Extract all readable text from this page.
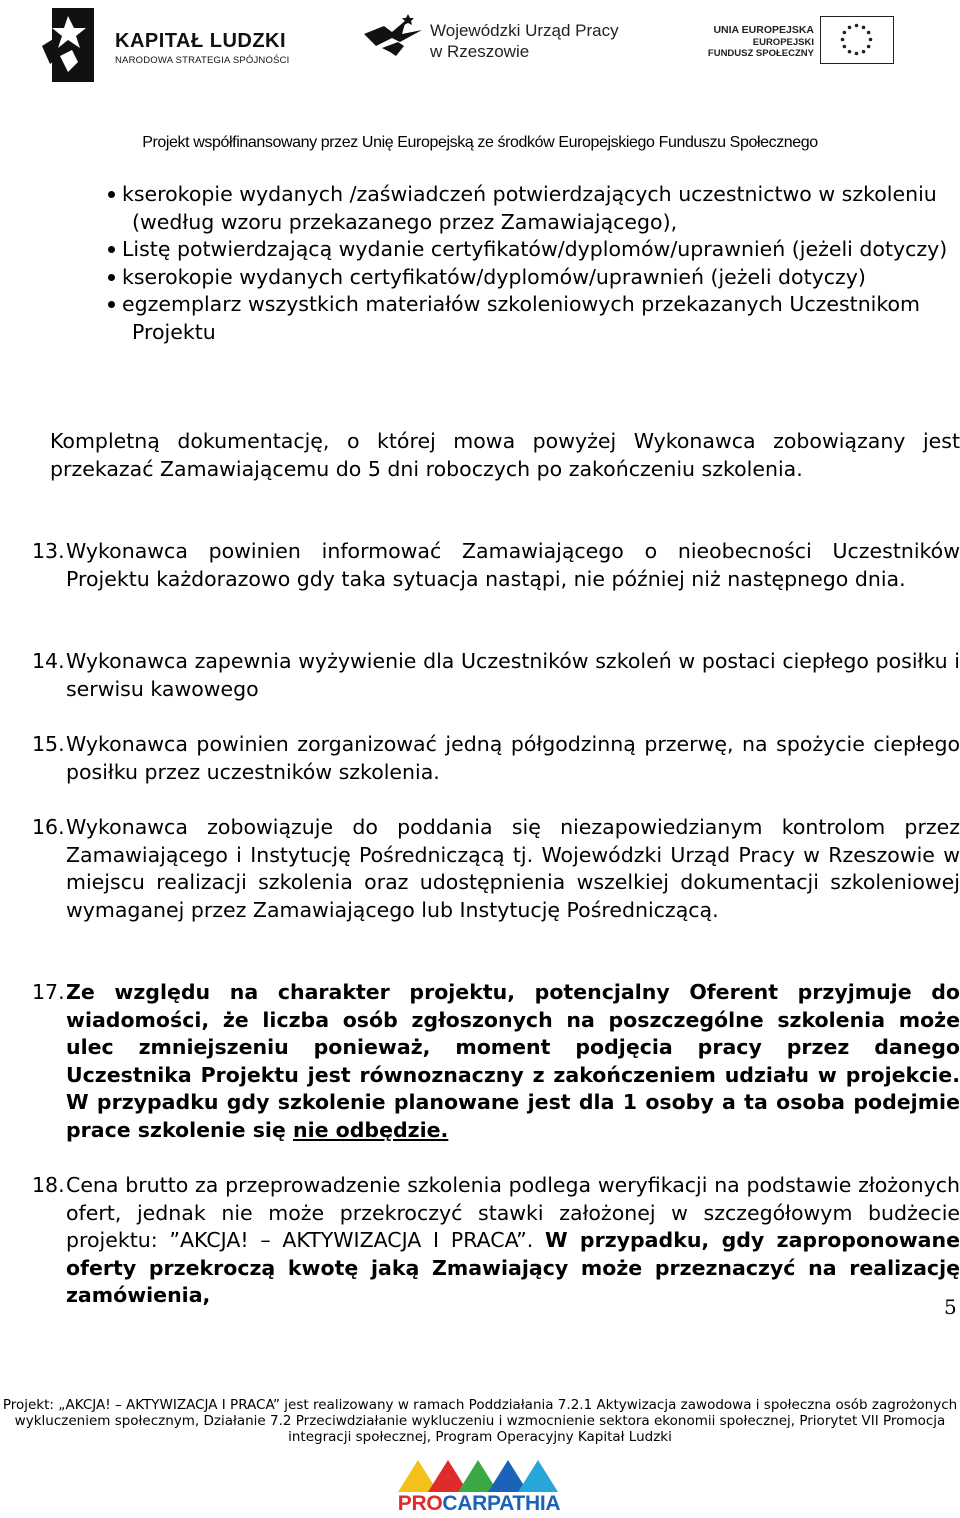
KAPITAŁ LUDZKI
NARODOWA STRATEGIA SPÓJNOŚCI
Wojewódzki Urząd Pracy
w Rzeszowie
UNIA EUROPEJSKA
EUROPEJSKI
FUNDUSZ SPOŁECZNY
Projekt współfinansowany przez Unię Europejską ze środków Europejskiego Funduszu Społecznego
kserokopie wydanych /zaświadczeń potwierdzających uczestnictwo w szkoleniu (według wzoru przekazanego przez Zamawiającego),
Listę potwierdzającą wydanie certyfikatów/dyplomów/uprawnień (jeżeli dotyczy)
kserokopie wydanych certyfikatów/dyplomów/uprawnień (jeżeli dotyczy)
egzemplarz wszystkich materiałów szkoleniowych przekazanych Uczestnikom Projektu
Kompletną dokumentację, o której mowa powyżej Wykonawca zobowiązany jest przekazać Zamawiającemu do 5 dni roboczych po zakończeniu szkolenia.
13. Wykonawca powinien informować Zamawiającego o nieobecności Uczestników Projektu każdorazowo gdy taka sytuacja nastąpi, nie później niż następnego dnia.
14. Wykonawca zapewnia wyżywienie dla Uczestników szkoleń w postaci ciepłego posiłku i serwisu kawowego
15. Wykonawca powinien zorganizować jedną półgodzinną przerwę, na spożycie ciepłego posiłku przez uczestników szkolenia.
16. Wykonawca zobowiązuje do poddania się niezapowiedzianym kontrolom przez Zamawiającego i Instytucję Pośredniczącą tj. Wojewódzki Urząd Pracy w Rzeszowie w miejscu realizacji szkolenia oraz udostępnienia wszelkiej dokumentacji szkoleniowej wymaganej przez Zamawiającego lub Instytucję Pośredniczącą.
17. Ze względu na charakter projektu, potencjalny Oferent przyjmuje do wiadomości, że liczba osób zgłoszonych na poszczególne szkolenia może ulec zmniejszeniu ponieważ, moment podjęcia pracy przez danego Uczestnika Projektu jest równoznaczny z zakończeniem udziału w projekcie. W przypadku gdy szkolenie planowane jest dla 1 osoby a ta osoba podejmie prace szkolenie się nie odbędzie.
18. Cena brutto za przeprowadzenie szkolenia podlega weryfikacji na podstawie złożonych ofert, jednak nie może przekroczyć stawki założonej w szczegółowym budżecie projektu: ”AKCJA! – AKTYWIZACJA I PRACA”. W przypadku, gdy zaproponowane oferty przekroczą kwotę jaką Zmawiający może przeznaczyć na realizację zamówienia,	5
Projekt: „AKCJA! – AKTYWIZACJA I PRACA” jest realizowany w ramach Poddziałania 7.2.1 Aktywizacja zawodowa i społeczna osób zagrożonych
wykluczeniem społecznym, Działanie 7.2 Przeciwdziałanie wykluczeniu i wzmocnienie sektora ekonomii społecznej, Priorytet VII Promocja
integracji społecznej, Program Operacyjny Kapitał Ludzki
PROCARPATHIA
